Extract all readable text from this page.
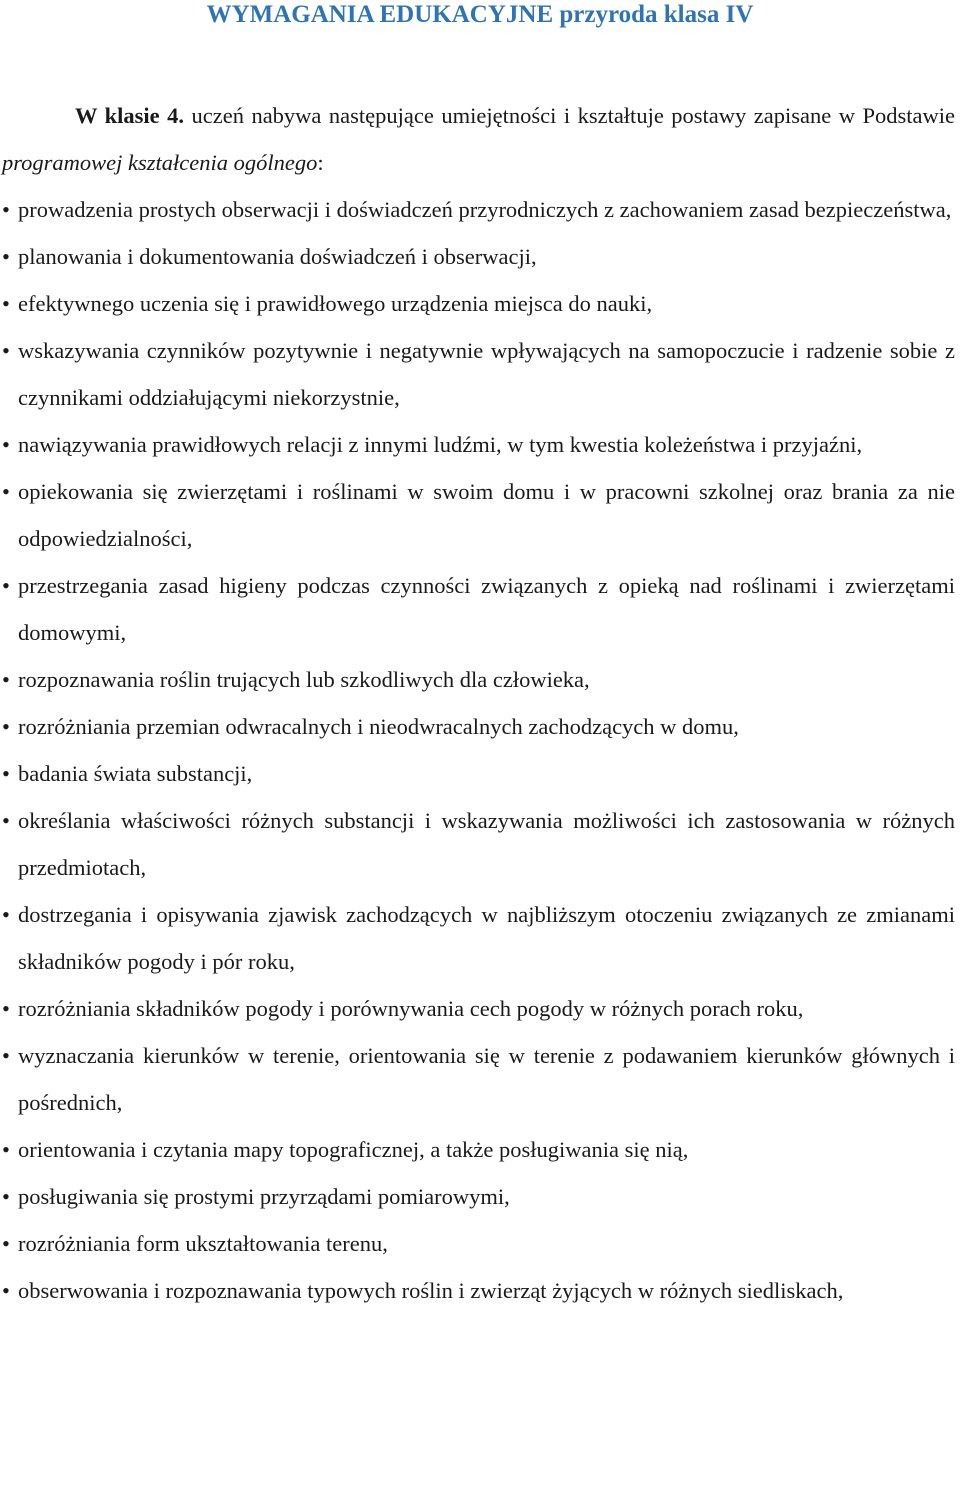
WYMAGANIA EDUKACYJNE przyroda klasa IV

W klasie 4. uczeń nabywa następujące umiejętności i kształtuje postawy zapisane w Podstawie programowej kształcenia ogólnego:

• prowadzenia prostych obserwacji i doświadczeń przyrodniczych z zachowaniem zasad bezpieczeństwa,
• planowania i dokumentowania doświadczeń i obserwacji,
• efektywnego uczenia się i prawidłowego urządzenia miejsca do nauki,
• wskazywania czynników pozytywnie i negatywnie wpływających na samopoczucie i radzenie sobie z czynnikami oddziałującymi niekorzystnie,
• nawiązywania prawidłowych relacji z innymi ludźmi, w tym kwestia koleżeństwa i przyjaźni,
• opiekowania się zwierzętami i roślinami w swoim domu i w pracowni szkolnej oraz brania za nie odpowiedzialności,
• przestrzegania zasad higieny podczas czynności związanych z opieką nad roślinami i zwierzętami domowymi,
• rozpoznawania roślin trujących lub szkodliwych dla człowieka,
• rozróżniania przemian odwracalnych i nieodwracalnych zachodzących w domu,
• badania świata substancji,
• określania właściwości różnych substancji i wskazywania możliwości ich zastosowania w różnych przedmiotach,
• dostrzegania i opisywania zjawisk zachodzących w najbliższym otoczeniu związanych ze zmianami składników pogody i pór roku,
• rozróżniania składników pogody i porównywania cech pogody w różnych porach roku,
• wyznaczania kierunków w terenie, orientowania się w terenie z podawaniem kierunków głównych i pośrednich,
• orientowania i czytania mapy topograficznej, a także posługiwania się nią,
• posługiwania się prostymi przyrządami pomiarowymi,
• rozróżniania form ukształtowania terenu,
• obserwowania i rozpoznawania typowych roślin i zwierząt żyjących w różnych siedliskach,
